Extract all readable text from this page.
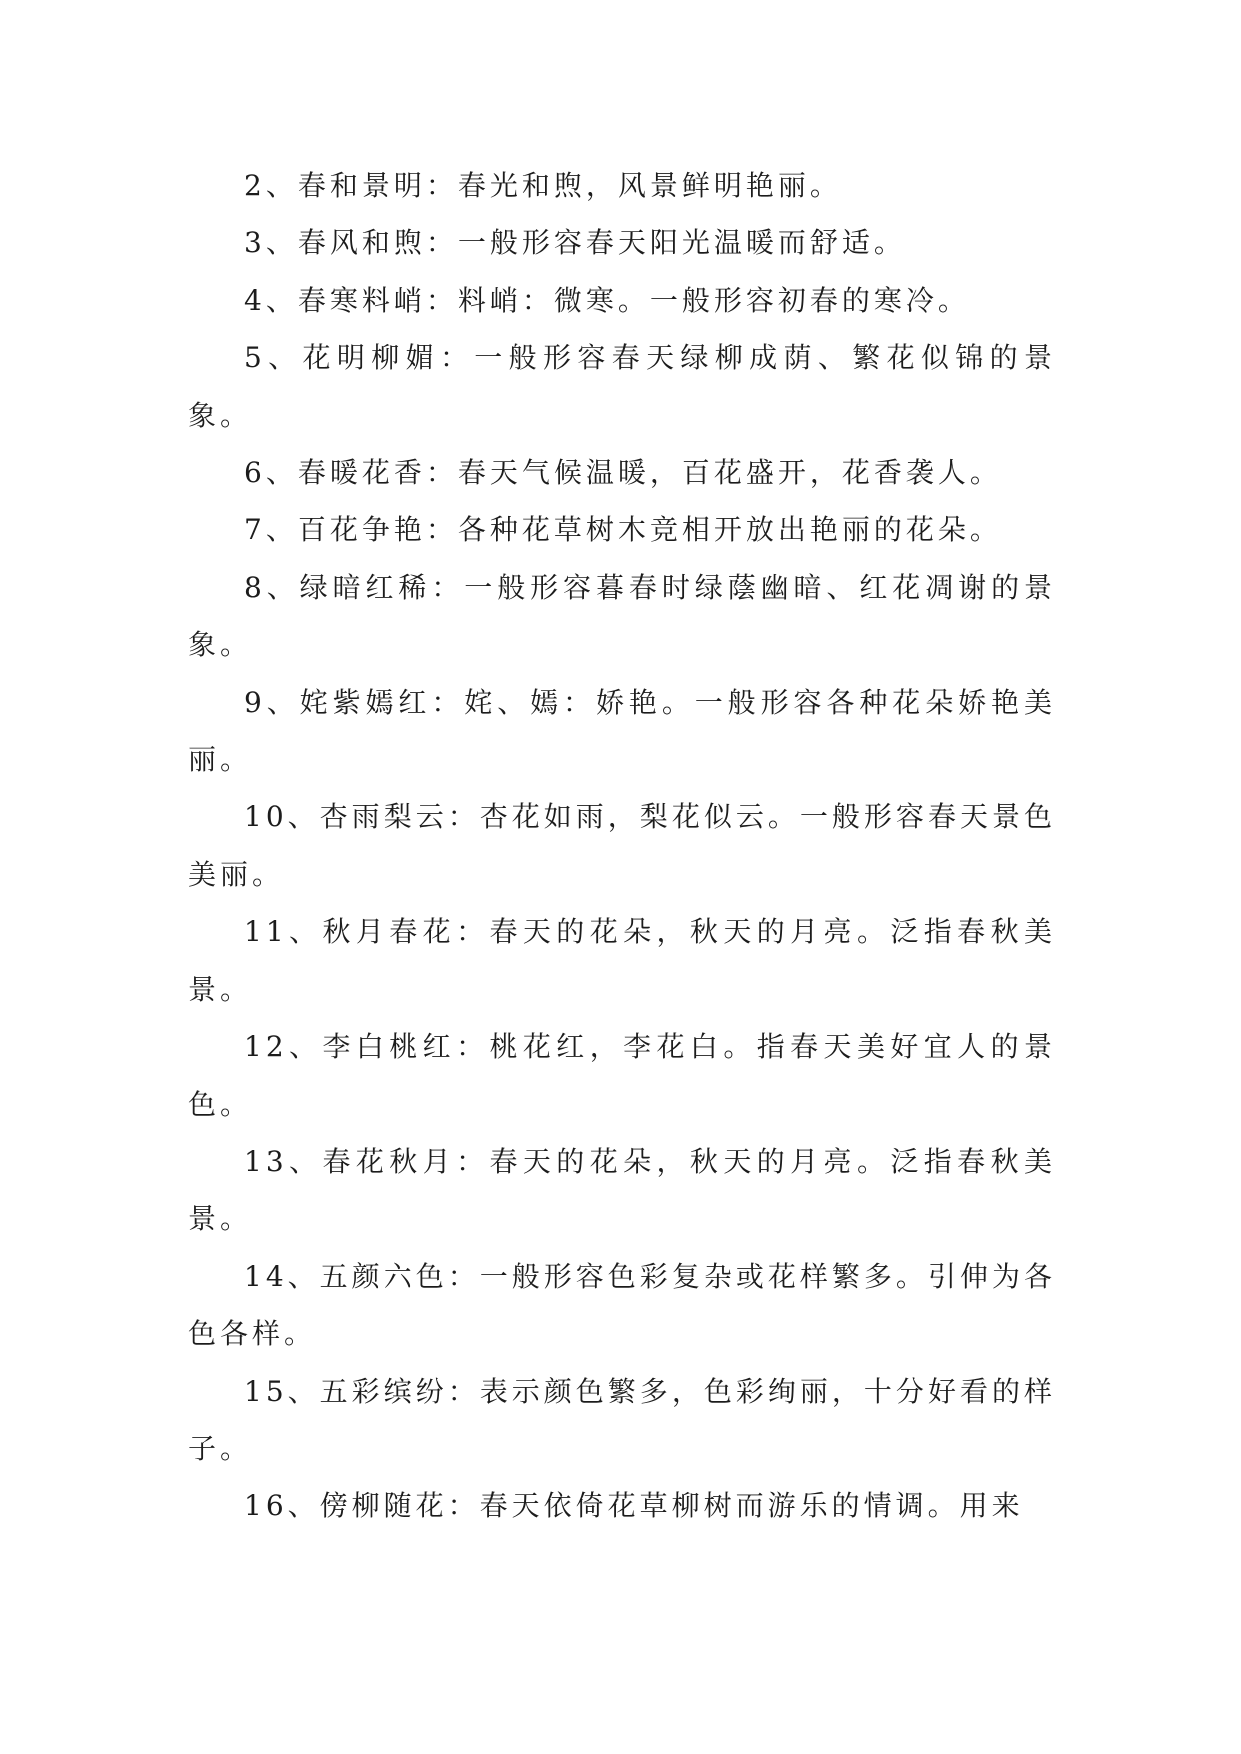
2、春和景明：春光和煦，风景鲜明艳丽。

3、春风和煦：一般形容春天阳光温暖而舒适。

4、春寒料峭：料峭：微寒。一般形容初春的寒冷。

5、花明柳媚：一般形容春天绿柳成荫、繁花似锦的景象。

6、春暖花香：春天气候温暖，百花盛开，花香袭人。

7、百花争艳：各种花草树木竞相开放出艳丽的花朵。

8、绿暗红稀：一般形容暮春时绿蔭幽暗、红花凋谢的景象。

9、姹紫嫣红：姹、嫣：娇艳。一般形容各种花朵娇艳美丽。

10、杏雨梨云：杏花如雨，梨花似云。一般形容春天景色美丽。

11、秋月春花：春天的花朵，秋天的月亮。泛指春秋美景。

12、李白桃红：桃花红，李花白。指春天美好宜人的景色。

13、春花秋月：春天的花朵，秋天的月亮。泛指春秋美景。

14、五颜六色：一般形容色彩复杂或花样繁多。引伸为各色各样。

15、五彩缤纷：表示颜色繁多，色彩绚丽，十分好看的样子。

16、傍柳随花：春天依倚花草柳树而游乐的情调。用来
